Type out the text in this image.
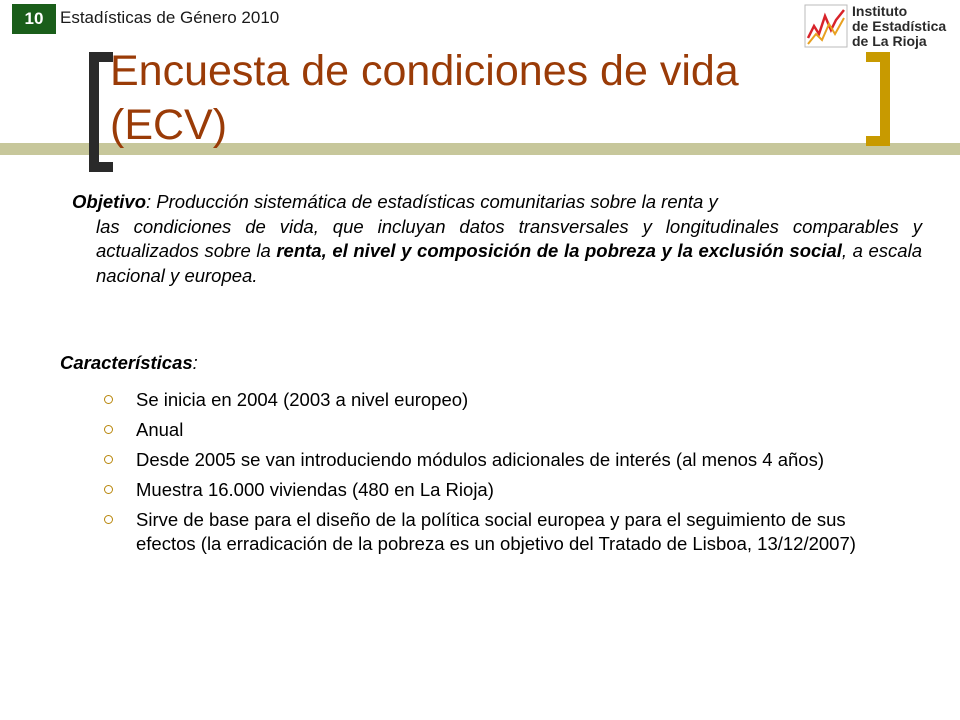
10 Estadísticas de Género 2010	Instituto
de Estadística
de La Rioja
Encuesta de condiciones de vida
(ECV)
Objetivo: Producción sistemática de estadísticas comunitarias sobre la renta y
las condiciones de vida, que incluyan datos transversales y longitudinales comparables y actualizados sobre la renta, el nivel y composición de la pobreza y la exclusión social, a escala nacional y europea.
Características:
Se inicia en 2004 (2003 a nivel europeo)
Anual
Desde 2005 se van introduciendo módulos adicionales de interés (al menos 4 años)
Muestra 16.000 viviendas (480 en La Rioja)
Sirve de base para el diseño de la política social europea y para el seguimiento de sus efectos (la erradicación de la pobreza es un objetivo del Tratado de Lisboa, 13/12/2007)
